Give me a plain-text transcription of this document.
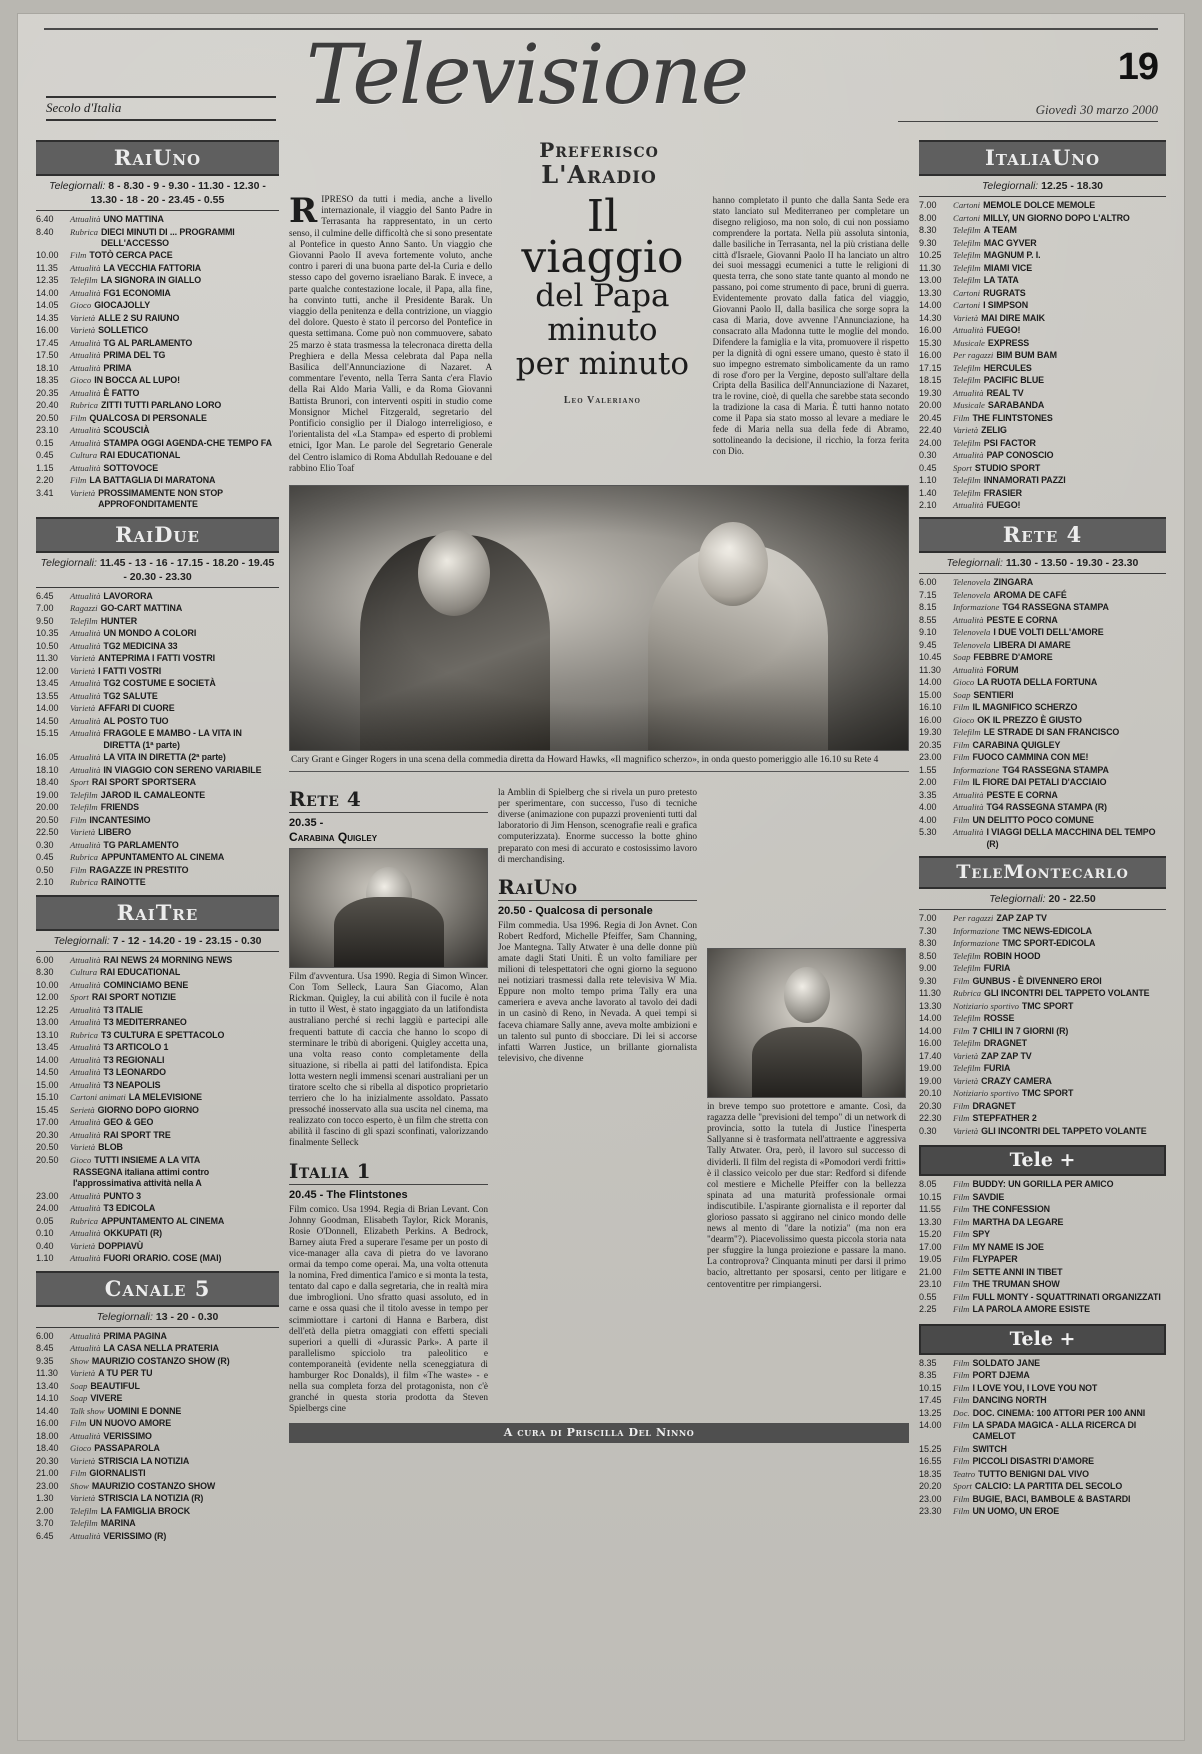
19
Televisione
Secolo d'Italia	Giovedì 30 marzo 2000
RaiUno
Telegiornali: 8 - 8.30 - 9 - 9.30 - 11.30 - 12.30 - 13.30 - 18 - 20 - 23.45 - 0.55
6.40	Attualità UNO MATTINA
8.40	Rubrica DIECI MINUTI DI ... PROGRAMMI DELL'ACCESSO
10.00	Film TOTÒ CERCA PACE
11.35	Attualità LA VECCHIA FATTORIA
12.35	Telefilm LA SIGNORA IN GIALLO
14.00	Attualità FG1 ECONOMIA
14.05	Gioco GIOCAJOLLY
14.35	Varietà ALLE 2 SU RAIUNO
16.00	Varietà SOLLETICO
17.45	Attualità TG AL PARLAMENTO
17.50	Attualità PRIMA DEL TG
18.10	Attualità PRIMA
18.35	Gioco IN BOCCA AL LUPO!
20.35	Attualità È FATTO
20.40	Rubrica ZITTI TUTTI PARLANO LORO
20.50	Film QUALCOSA DI PERSONALE
23.10	Attualità SCOUSCIÀ
0.15	Attualità STAMPA OGGI AGENDA-CHE TEMPO FA
0.45	Cultura RAI EDUCATIONAL
1.15	Attualità SOTTOVOCE
2.20	Film LA BATTAGLIA DI MARATONA
3.41	Varietà PROSSIMAMENTE NON STOP APPROFONDITAMENTE
RaiDue
Telegiornali: 11.45 - 13 - 16 - 17.15 - 18.20 - 19.45 - 20.30 - 23.30
6.45	Attualità LAVORORA
7.00	Ragazzi GO-CART MATTINA
9.50	Telefilm HUNTER
10.35	Attualità UN MONDO A COLORI
10.50	Attualità TG2 MEDICINA 33
11.30	Varietà ANTEPRIMA I FATTI VOSTRI
12.00	Varietà I FATTI VOSTRI
13.45	Attualità TG2 COSTUME E SOCIETÀ
13.55	Attualità TG2 SALUTE
14.00	Varietà AFFARI DI CUORE
14.50	Attualità AL POSTO TUO
15.15	Attualità FRAGOLE E MAMBO - LA VITA IN DIRETTA (1ª parte)
16.05	Attualità LA VITA IN DIRETTA (2ª parte)
18.10	Attualità IN VIAGGIO CON SERENO VARIABILE
18.40	Sport RAI SPORT SPORTSERA
19.00	Telefilm JAROD IL CAMALEONTE
20.00	Telefilm FRIENDS
20.50	Film INCANTESIMO
22.50	Varietà LIBERO
0.30	Attualità TG PARLAMENTO
0.45	Rubrica APPUNTAMENTO AL CINEMA
0.50	Film RAGAZZE IN PRESTITO
2.10	Rubrica RAINOTTE
RaiTre
Telegiornali: 7 - 12 - 14.20 - 19 - 23.15 - 0.30
6.00	Attualità RAI NEWS 24 MORNING NEWS
8.30	Cultura RAI EDUCATIONAL
10.00	Attualità COMINCIAMO BENE
12.00	Sport RAI SPORT NOTIZIE
12.25	Attualità T3 ITALIE
13.00	Attualità T3 MEDITERRANEO
13.10	Rubrica T3 CULTURA E SPETTACOLO
13.45	Attualità T3 ARTICOLO 1
14.00	Attualità T3 REGIONALI
14.50	Attualità T3 LEONARDO
15.00	Attualità T3 NEAPOLIS
15.10	Cartoni animati LA MELEVISIONE
15.45	Serietà GIORNO DOPO GIORNO
17.00	Attualità GEO & GEO
20.30	Attualità RAI SPORT TRE
20.50	Varietà BLOB
20.50	Gioco TUTTI INSIEME A LA VITA
RASSEGNA italiana attimi contro l'approssimativa attività nella A
23.00	Attualità PUNTO 3
24.00	Attualità T3 EDICOLA
0.05	Rubrica APPUNTAMENTO AL CINEMA
0.10	Attualità OKKUPATI (R)
0.40	Varietà DOPPIAVÙ
1.10	Attualità FUORI ORARIO. COSE (MAI)
Canale 5
Telegiornali: 13 - 20 - 0.30
6.00	Attualità PRIMA PAGINA
8.45	Attualità LA CASA NELLA PRATERIA
9.35	Show MAURIZIO COSTANZO SHOW (R)
11.30	Varietà A TU PER TU
13.40	Soap BEAUTIFUL
14.10	Soap VIVERE
14.40	Talk show UOMINI E DONNE
16.00	Film UN NUOVO AMORE
18.00	Attualità VERISSIMO
18.40	Gioco PASSAPAROLA
20.30	Varietà STRISCIA LA NOTIZIA
21.00	Film GIORNALISTI
23.00	Show MAURIZIO COSTANZO SHOW
1.30	Varietà STRISCIA LA NOTIZIA (R)
2.00	Telefilm LA FAMIGLIA BROCK
3.70	Telefilm MARINA
6.45	Attualità VERISSIMO (R)
Preferisco
L'Aradio
RIPRESO da tutti i media, anche a livello internazionale, il viaggio del Santo Padre in Terrasanta ha rappresentato, in un certo senso, il culmine delle difficoltà che si sono presentate al Pontefice in questo Anno Santo. Un viaggio che Giovanni Paolo II aveva fortemente voluto, anche contro i pareri di una buona parte del-la Curia e dello stesso capo del governo israeliano Barak. E invece, a parte qualche contestazione locale, il Papa, alla fine, ha convinto tutti, anche il Presidente Barak. Un viaggio della penitenza e della contrizione, un viaggio del dolore. Questo è stato il percorso del Pontefice in questa settimana. Come può non commuovere, sabato 25 marzo è stata trasmessa la telecronaca diretta della Preghiera e della Messa celebrata dal Papa nella Basilica dell'Annunciazione di Nazaret. A commentare l'evento, nella Terra Santa c'era Flavio della Rai Aldo Maria Valli, e da Roma Giovanni Battista Brunori, con interventi ospiti in studio come Monsignor Michel Fitzgerald, segretario del Pontificio consiglio per il Dialogo interreligioso, e l'orientalista del «La Stampa» ed esperto di problemi etnici, Igor Man. Le parole del Segretario Generale del Centro islamico di Roma Abdullah Redouane e del rabbino Elio Toaf
Il viaggio
del Papa minuto
per minuto
Leo Valeriano
hanno completato il punto che dalla Santa Sede era stato lanciato sul Mediterraneo per completare un disegno religioso, ma non solo, di cui non possiamo comprendere la portata. Nella più assoluta sintonia, dalle basiliche in Terrasanta, nel la più cristiana delle città d'Israele, Giovanni Paolo II ha lanciato un altro dei suoi messaggi ecumenici a tutte le religioni di questa terra, che sono state tante quanto al mondo ne passano, poi come strumento di pace, bruni di guerra. Evidentemente provato dalla fatica del viaggio, Giovanni Paolo II, dalla basilica che sorge sopra la casa di Maria, dove avvenne l'Annunciazione, ha consacrato alla Madonna tutte le moglie del mondo. Difendere la famiglia e la vita, promuovere il rispetto per la dignità di ogni essere umano, questo è stato il suo impegno estremato simbolicamente da un ramo di rose d'oro per la Vergine, deposto sull'altare della Cripta della Basilica dell'Annunciazione di Nazaret, tra le rovine, cioè, di quella che sarebbe stata secondo la tradizione la casa di Maria. È tutti hanno notato come il Papa sia stato mosso al levare a mediare le fede di Maria nella sua della fede di Abramo, sottolineando la decisione, il ricchio, la forza ferita con Dio.
Cary Grant e Ginger Rogers in una scena della commedia diretta da Howard Hawks, «Il magnifico scherzo», in onda questo pomeriggio alle 16.10 su Rete 4
Rete 4
20.35 -
Carabina Quigley
Film d'avventura. Usa 1990. Regia di Simon Wincer. Con Tom Selleck, Laura San Giacomo, Alan Rickman. Quigley, la cui abilità con il fucile è nota in tutto il West, è stato ingaggiato da un latifondista australiano perché si rechi laggiù e partecipi alle frequenti battute di caccia che hanno lo scopo di sterminare le tribù di aborigeni. Quigley accetta una, una volta reaso conto completamente della situazione, si ribella ai patti del latifondista. Epica lotta western negli immensi scenari australiani per un tiratore scelto che si ribella al dispotico proprietario terriero che lo ha inizialmente assoldato. Passato pressoché inosservato alla sua uscita nel cinema, ma realizzato con tocco esperto, è un film che stretta con abilità il fascino di gli spazi sconfinati, valorizzando finalmente Selleck
Italia 1
20.45 - The Flintstones
Film comico. Usa 1994. Regia di Brian Levant. Con Johnny Goodman, Elisabeth Taylor, Rick Moranis, Rosie O'Donnell, Elizabeth Perkins. A Bedrock, Barney aiuta Fred a superare l'esame per un posto di vice-manager alla cava di pietra do ve lavorano ormai da tempo come operai. Ma, una volta ottenuta la nomina, Fred dimentica l'amico e si monta la testa, tentato dal capo e dalla segretaria, che in realtà mira due imbroglioni. Uno sfratto quasi assoluto, ed in carne e ossa quasi che il titolo avesse in tempo per scimmiottare i cartoni di Hanna e Barbera, dist dell'età della pietra omaggiati con effetti speciali superiori a quelli di «Jurassic Park». A parte il parallelismo spicciolo tra paleolitico e contemporaneità (evidente nella sceneggiatura di hamburger Roc Donalds), il film «The waste» - e nella sua completa forza del protagonista, non c'è granché in questa storia prodotta da Steven Spielbergs cine
la Amblin di Spielberg che si rivela un puro pretesto per sperimentare, con successo, l'uso di tecniche diverse (animazione con pupazzi provenienti tutti dal laboratorio di Jim Henson, scenografie reali e grafica computerizzata). Enorme successo la botte ghino preparato con mesi di accurato e costosissimo lavoro di merchandising.
RaiUno
20.50 - Qualcosa di personale
Film commedia. Usa 1996. Regia di Jon Avnet. Con Robert Redford, Michelle Pfeiffer, Sam Channing, Joe Mantegna. Tally Atwater è una delle donne più amate dagli Stati Uniti. È un volto familiare per milioni di telespettatori che ogni giorno la seguono nei notiziari trasmessi dalla rete televisiva W Mia. Eppure non molto tempo prima Tally era una cameriera e aveva anche lavorato al tavolo dei dadi in un casinò di Reno, in Nevada. A quei tempi si faceva chiamare Sally anne, aveva molte ambizioni e un talento sul punto di sbocciare. Di lei si accorse infatti Warren Justice, un brillante giornalista televisivo, che divenne
in breve tempo suo protettore e amante. Così, da ragazza delle "previsioni del tempo" di un network di provincia, sotto la tutela di Justice l'inesperta Sallyanne si è trasformata nell'attraente e aggressiva Tally Atwater. Ora, però, il lavoro sul successo di dividerli. Il film del regista di «Pomodori verdi fritti» è il classico veicolo per due star: Redford si difende col mestiere e Michelle Pfeiffer con la bellezza spinata ad una maturità professionale ormai indiscutibile. L'aspirante giornalista e il reporter dal glorioso passato si aggirano nel cinico mondo delle news al mento di "dare la notizia" (ma non era "dearm"?). Piacevolissimo questa piccola storia nata per sfuggire la lunga proiezione e passare la mano. La controprova? Cinquanta minuti per darsi il primo bacio, altrettanto per sposarsi, cento per litigare e centoventitre per rimpiangersi.
A cura di Priscilla Del Ninno
ItaliaUno
Telegiornali: 12.25 - 18.30
7.00	Cartoni MEMOLE DOLCE MEMOLE
8.00	Cartoni MILLY, UN GIORNO DOPO L'ALTRO
8.30	Telefilm A TEAM
9.30	Telefilm MAC GYVER
10.25	Telefilm MAGNUM P. I.
11.30	Telefilm MIAMI VICE
13.00	Telefilm LA TATA
13.30	Cartoni RUGRATS
14.00	Cartoni I SIMPSON
14.30	Varietà MAI DIRE MAIK
16.00	Attualità FUEGO!
15.30	Musicale EXPRESS
16.00	Per ragazzi BIM BUM BAM
17.15	Telefilm HERCULES
18.15	Telefilm PACIFIC BLUE
19.30	Attualità REAL TV
20.00	Musicale SARABANDA
20.45	Film THE FLINTSTONES
22.40	Varietà ZELIG
24.00	Telefilm PSI FACTOR
0.30	Attualità PAP CONOSCIO
0.45	Sport STUDIO SPORT
1.10	Telefilm INNAMORATI PAZZI
1.40	Telefilm FRASIER
2.10	Attualità FUEGO!
Rete 4
Telegiornali: 11.30 - 13.50 - 19.30 - 23.30
6.00	Telenovela ZINGARA
7.15	Telenovela AROMA DE CAFÉ
8.15	Informazione TG4 RASSEGNA STAMPA
8.55	Attualità PESTE E CORNA
9.10	Telenovela I DUE VOLTI DELL'AMORE
9.45	Telenovela LIBERA DI AMARE
10.45	Soap FEBBRE D'AMORE
11.30	Attualità FORUM
14.00	Gioco LA RUOTA DELLA FORTUNA
15.00	Soap SENTIERI
16.10	Film IL MAGNIFICO SCHERZO
16.00	Gioco OK IL PREZZO È GIUSTO
19.30	Telefilm LE STRADE DI SAN FRANCISCO
20.35	Film CARABINA QUIGLEY
23.00	Film FUOCO CAMMINA CON ME!
1.55	Informazione TG4 RASSEGNA STAMPA
2.00	Film IL FIORE DAI PETALI D'ACCIAIO
3.35	Attualità PESTE E CORNA
4.00	Attualità TG4 RASSEGNA STAMPA (R)
4.00	Film UN DELITTO POCO COMUNE
5.30	Attualità I VIAGGI DELLA MACCHINA DEL TEMPO (R)
TeleMontecarlo
Telegiornali: 20 - 22.50
7.00	Per ragazzi ZAP ZAP TV
7.30	Informazione TMC NEWS-EDICOLA
8.30	Informazione TMC SPORT-EDICOLA
8.50	Telefilm ROBIN HOOD
9.00	Telefilm FURIA
9.30	Film GUNBUS - È DIVENNERO EROI
11.30	Rubrica GLI INCONTRI DEL TAPPETO VOLANTE
13.30	Notiziario sportivo TMC SPORT
14.00	Telefilm ROSSE
14.00	Film 7 CHILI IN 7 GIORNI (R)
16.00	Telefilm DRAGNET
17.40	Varietà ZAP ZAP TV
19.00	Telefilm FURIA
19.00	Varietà CRAZY CAMERA
20.10	Notiziario sportivo TMC SPORT
20.30	Film DRAGNET
22.30	Film STEPFATHER 2
0.30	Varietà GLI INCONTRI DEL TAPPETO VOLANTE
Tele +
8.05	Film BUDDY: UN GORILLA PER AMICO
10.15	Film SAVDIE
11.55	Film THE CONFESSION
13.30	Film MARTHA DA LEGARE
15.20	Film SPY
17.00	Film MY NAME IS JOE
19.05	Film FLYPAPER
21.00	Film SETTE ANNI IN TIBET
23.10	Film THE TRUMAN SHOW
0.55	Film FULL MONTY - SQUATTRINATI ORGANIZZATI
2.25	Film LA PAROLA AMORE ESISTE
Tele +
8.35	Film SOLDATO JANE
8.35	Film PORT DJEMA
10.15	Film I LOVE YOU, I LOVE YOU NOT
17.45	Film DANCING NORTH
13.25	Doc. DOC. CINEMA: 100 ATTORI PER 100 ANNI
14.00	Film LA SPADA MAGICA - ALLA RICERCA DI CAMELOT
15.25	Film SWITCH
16.55	Film PICCOLI DISASTRI D'AMORE
18.35	Teatro TUTTO BENIGNI DAL VIVO
20.20	Sport CALCIO: LA PARTITA DEL SECOLO
23.00	Film BUGIE, BACI, BAMBOLE & BASTARDI
23.30	Film UN UOMO, UN EROE
